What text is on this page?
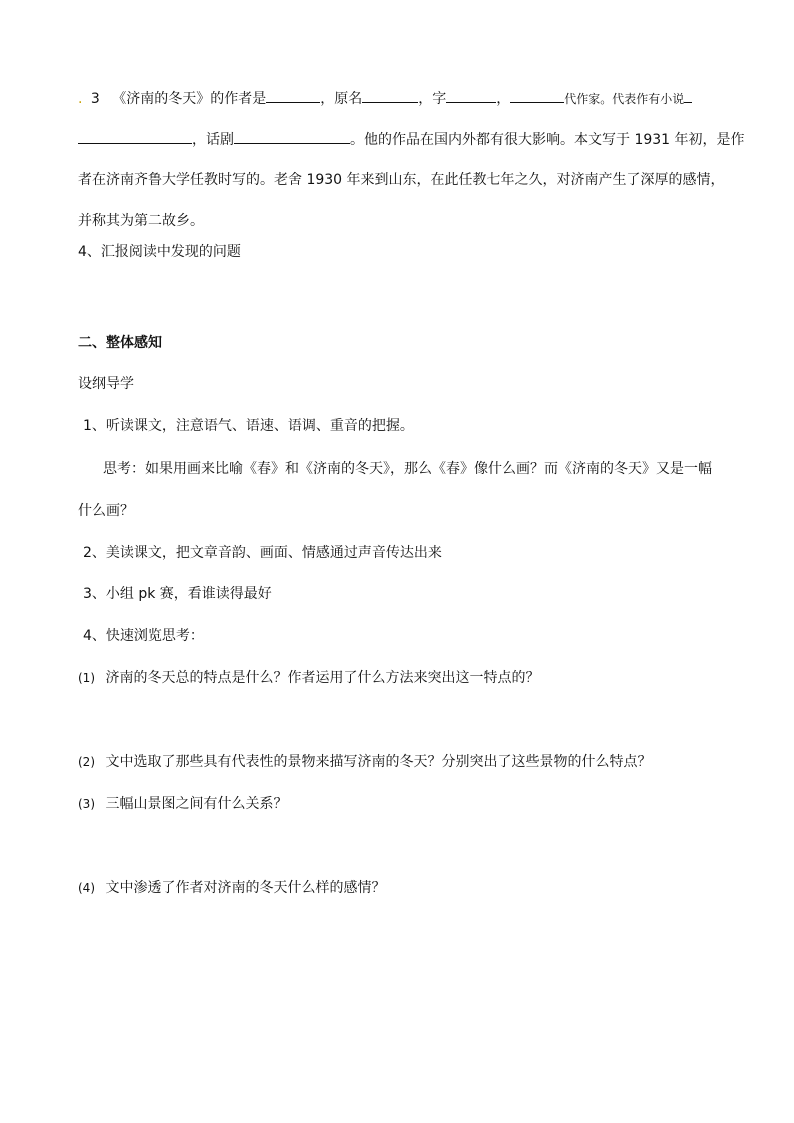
. 3 《济南的冬天》的作者是	，原名	，字	，	代作家。代表作有小说
，话剧	。他的作品在国内外都有很大影响。本文写于 1931 年初，是作
者在济南齐鲁大学任教时写的。老舍 1930 年来到山东，在此任教七年之久，对济南产生了深厚的感情，
并称其为第二故乡。
4、汇报阅读中发现的问题
二、整体感知
设纲导学
1、听读课文，注意语气、语速、语调、重音的把握。
思考：如果用画来比喻《春》和《济南的冬天》，那么《春》像什么画？而《济南的冬天》又是一幅
什么画？
2、美读课文，把文章音韵、画面、情感通过声音传达出来
3、小组 pk 赛，看谁读得最好
4、快速浏览思考：
(1) 济南的冬天总的特点是什么？作者运用了什么方法来突出这一特点的？
(2) 文中选取了那些具有代表性的景物来描写济南的冬天？分别突出了这些景物的什么特点？
(3) 三幅山景图之间有什么关系？
(4) 文中渗透了作者对济南的冬天什么样的感情？
